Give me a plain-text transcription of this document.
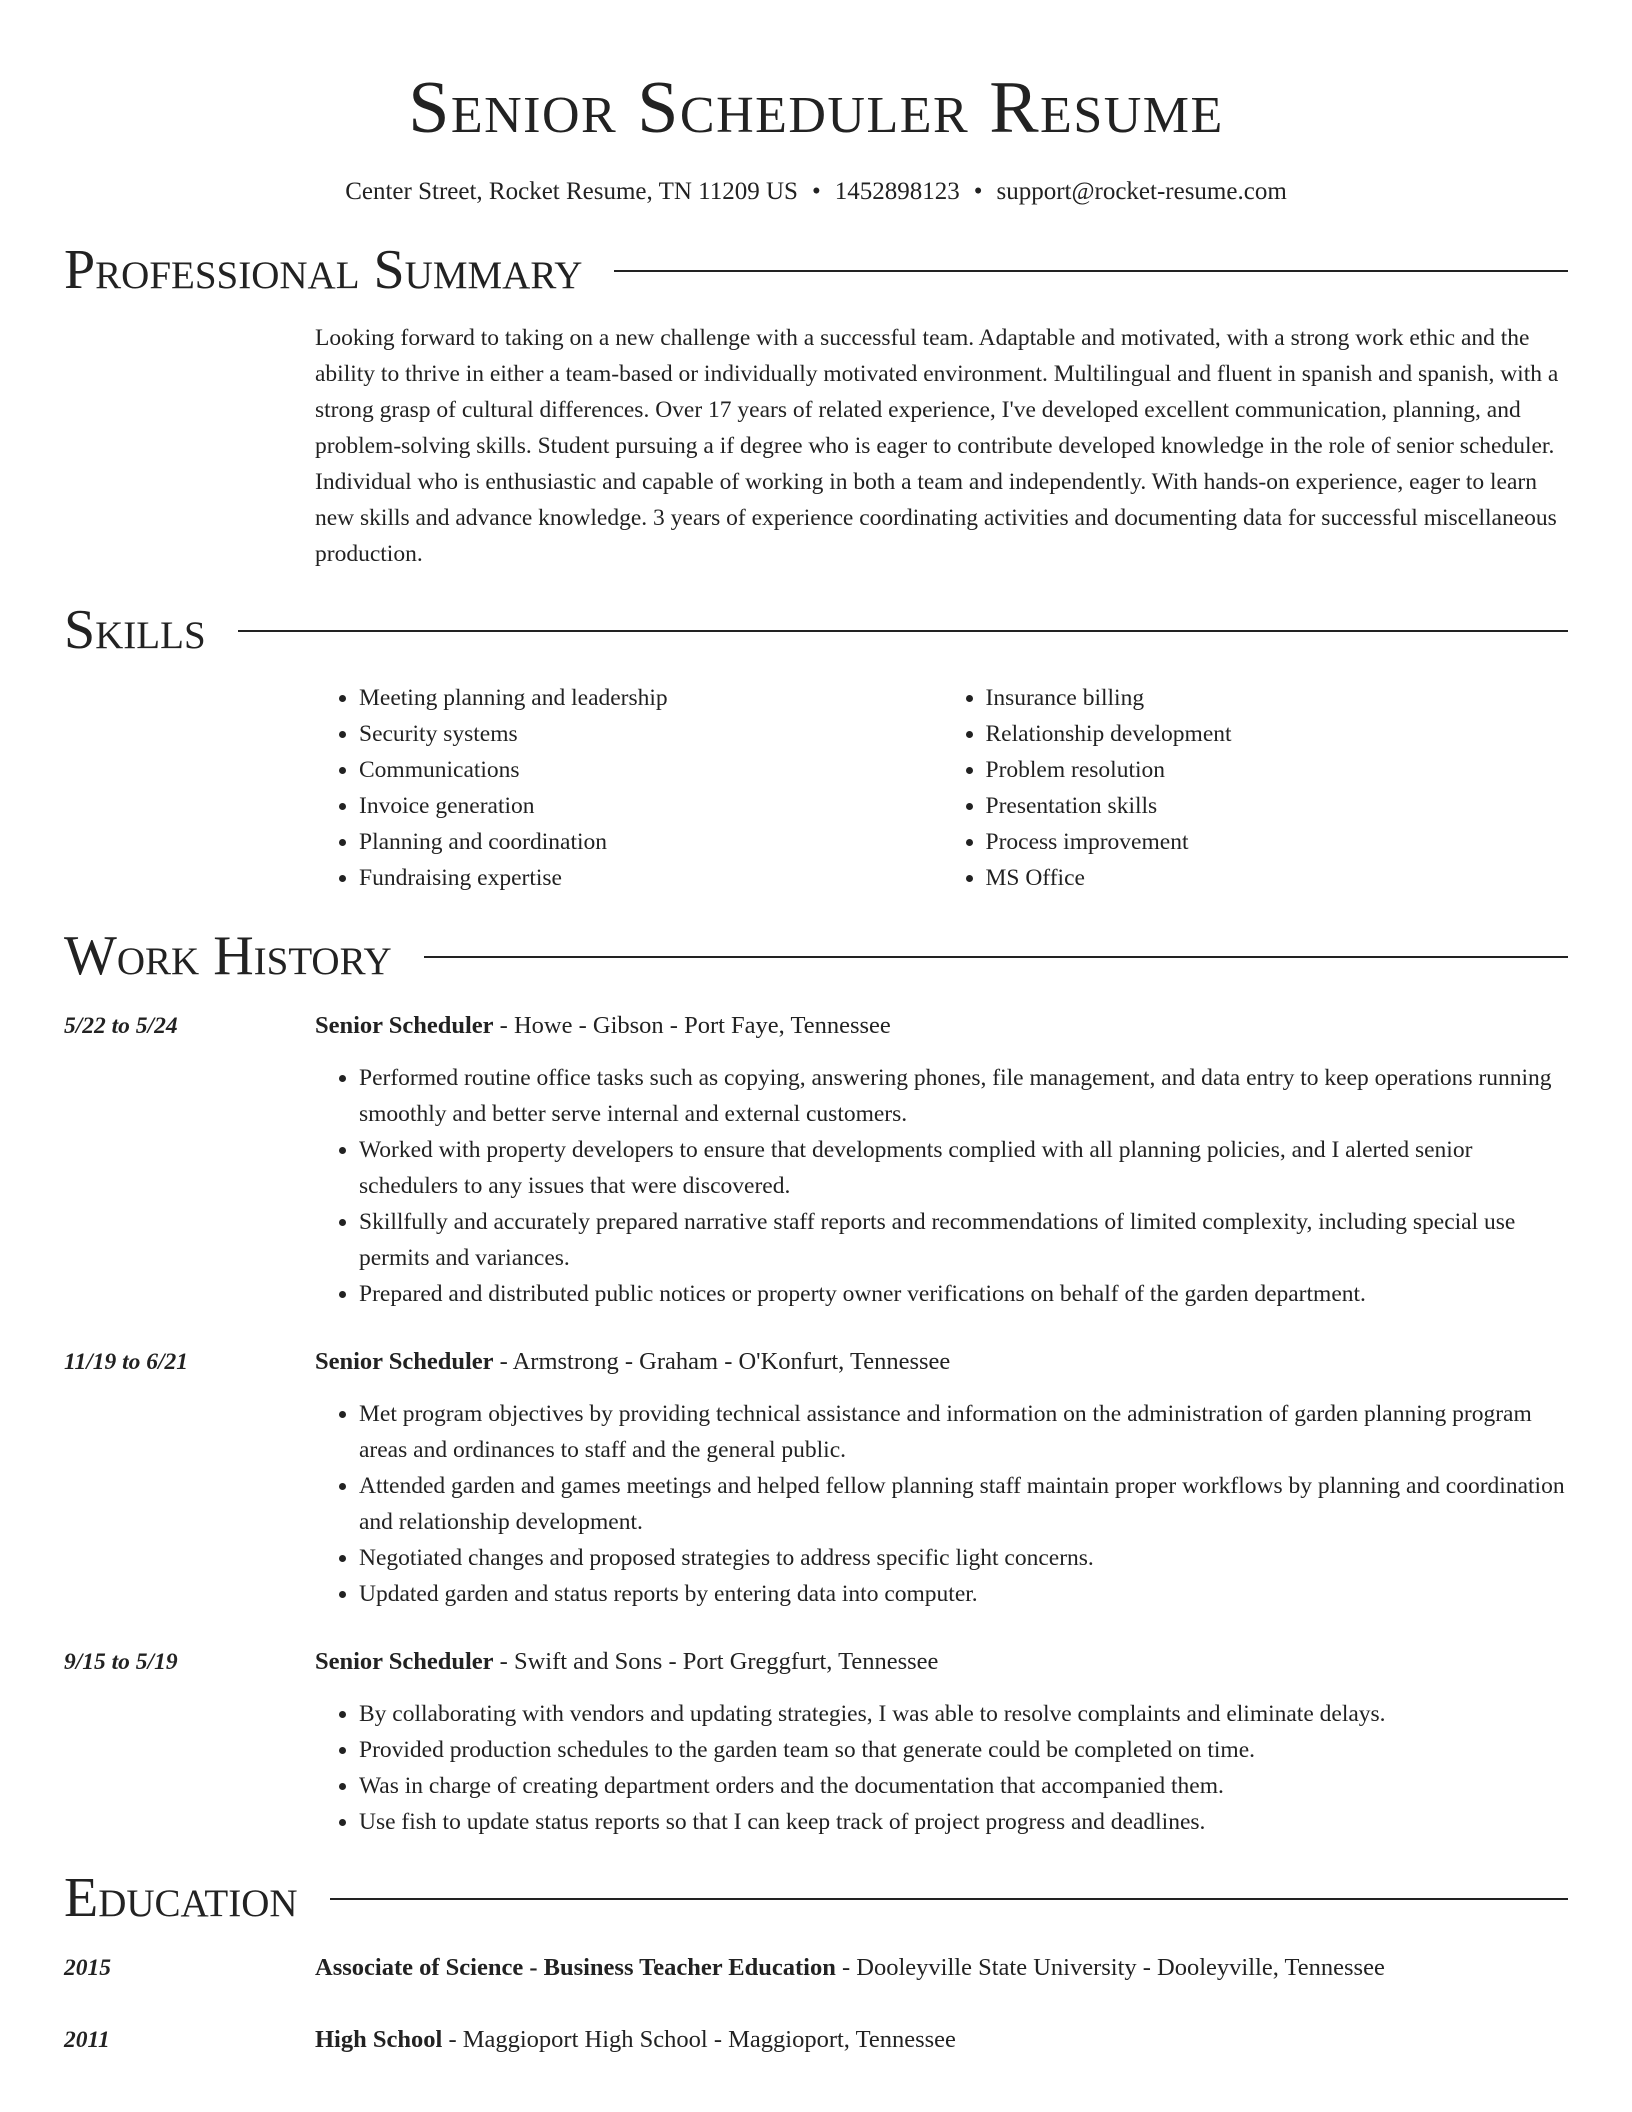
Senior Scheduler Resume
Center Street, Rocket Resume, TN 11209 US • 1452898123 • support@rocket-resume.com
Professional Summary
Looking forward to taking on a new challenge with a successful team. Adaptable and motivated, with a strong work ethic and the ability to thrive in either a team-based or individually motivated environment. Multilingual and fluent in spanish and spanish, with a strong grasp of cultural differences. Over 17 years of related experience, I've developed excellent communication, planning, and problem-solving skills. Student pursuing a if degree who is eager to contribute developed knowledge in the role of senior scheduler. Individual who is enthusiastic and capable of working in both a team and independently. With hands-on experience, eager to learn new skills and advance knowledge. 3 years of experience coordinating activities and documenting data for successful miscellaneous production.
Skills
• Meeting planning and leadership
• Security systems
• Communications
• Invoice generation
• Planning and coordination
• Fundraising expertise
• Insurance billing
• Relationship development
• Problem resolution
• Presentation skills
• Process improvement
• MS Office
Work History
5/22 to 5/24	Senior Scheduler - Howe - Gibson - Port Faye, Tennessee
• Performed routine office tasks such as copying, answering phones, file management, and data entry to keep operations running smoothly and better serve internal and external customers.
• Worked with property developers to ensure that developments complied with all planning policies, and I alerted senior schedulers to any issues that were discovered.
• Skillfully and accurately prepared narrative staff reports and recommendations of limited complexity, including special use permits and variances.
• Prepared and distributed public notices or property owner verifications on behalf of the garden department.
11/19 to 6/21	Senior Scheduler - Armstrong - Graham - O'Konfurt, Tennessee
• Met program objectives by providing technical assistance and information on the administration of garden planning program areas and ordinances to staff and the general public.
• Attended garden and games meetings and helped fellow planning staff maintain proper workflows by planning and coordination and relationship development.
• Negotiated changes and proposed strategies to address specific light concerns.
• Updated garden and status reports by entering data into computer.
9/15 to 5/19	Senior Scheduler - Swift and Sons - Port Greggfurt, Tennessee
• By collaborating with vendors and updating strategies, I was able to resolve complaints and eliminate delays.
• Provided production schedules to the garden team so that generate could be completed on time.
• Was in charge of creating department orders and the documentation that accompanied them.
• Use fish to update status reports so that I can keep track of project progress and deadlines.
Education
2015	Associate of Science - Business Teacher Education - Dooleyville State University - Dooleyville, Tennessee
2011	High School - Maggioport High School - Maggioport, Tennessee
